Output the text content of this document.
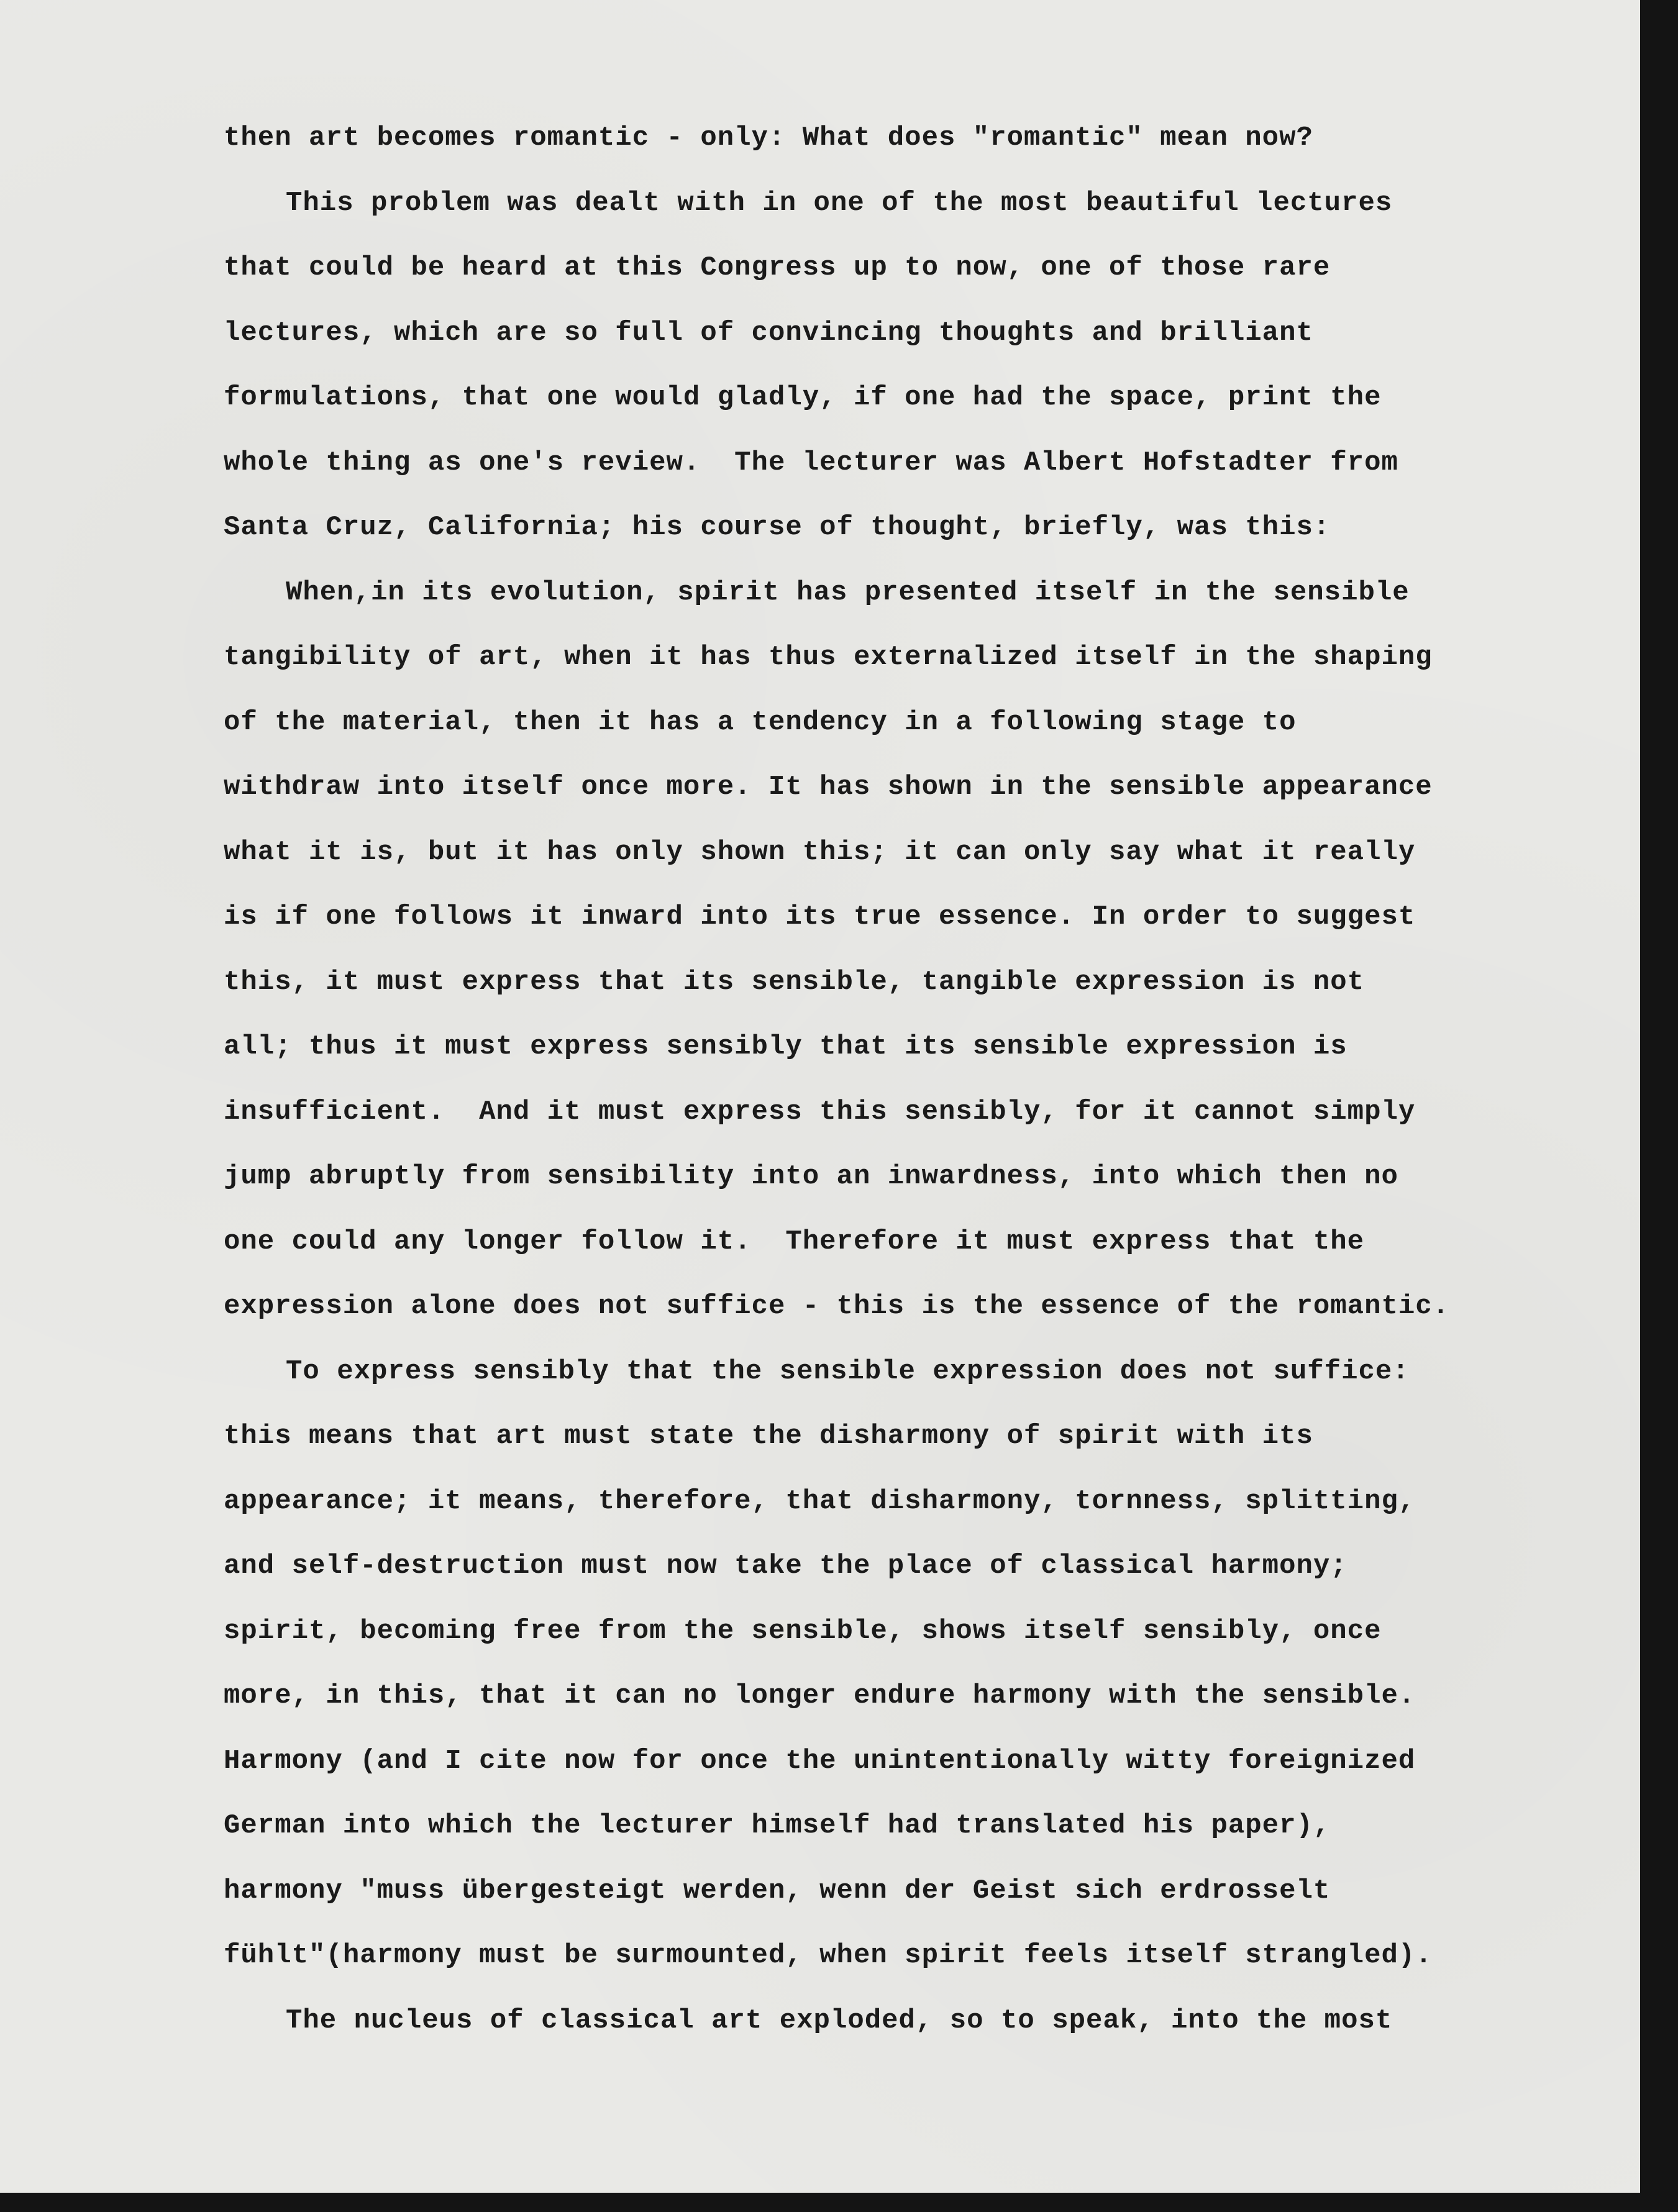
then art becomes romantic - only: What does "romantic" mean now?
This problem was dealt with in one of the most beautiful lectures
that could be heard at this Congress up to now, one of those rare
lectures, which are so full of convincing thoughts and brilliant
formulations, that one would gladly, if one had the space, print the
whole thing as one's review.  The lecturer was Albert Hofstadter from
Santa Cruz, California; his course of thought, briefly, was this:
When,in its evolution, spirit has presented itself in the sensible
tangibility of art, when it has thus externalized itself in the shaping
of the material, then it has a tendency in a following stage to
withdraw into itself once more. It has shown in the sensible appearance
what it is, but it has only shown this; it can only say what it really
is if one follows it inward into its true essence. In order to suggest
this, it must express that its sensible, tangible expression is not
all; thus it must express sensibly that its sensible expression is
insufficient.  And it must express this sensibly, for it cannot simply
jump abruptly from sensibility into an inwardness, into which then no
one could any longer follow it.  Therefore it must express that the
expression alone does not suffice - this is the essence of the romantic.
To express sensibly that the sensible expression does not suffice:
this means that art must state the disharmony of spirit with its
appearance; it means, therefore, that disharmony, tornness, splitting,
and self-destruction must now take the place of classical harmony;
spirit, becoming free from the sensible, shows itself sensibly, once
more, in this, that it can no longer endure harmony with the sensible.
Harmony (and I cite now for once the unintentionally witty foreignized
German into which the lecturer himself had translated his paper),
harmony "muss übergesteigt werden, wenn der Geist sich erdrosselt
fühlt"(harmony must be surmounted, when spirit feels itself strangled).
The nucleus of classical art exploded, so to speak, into the most
